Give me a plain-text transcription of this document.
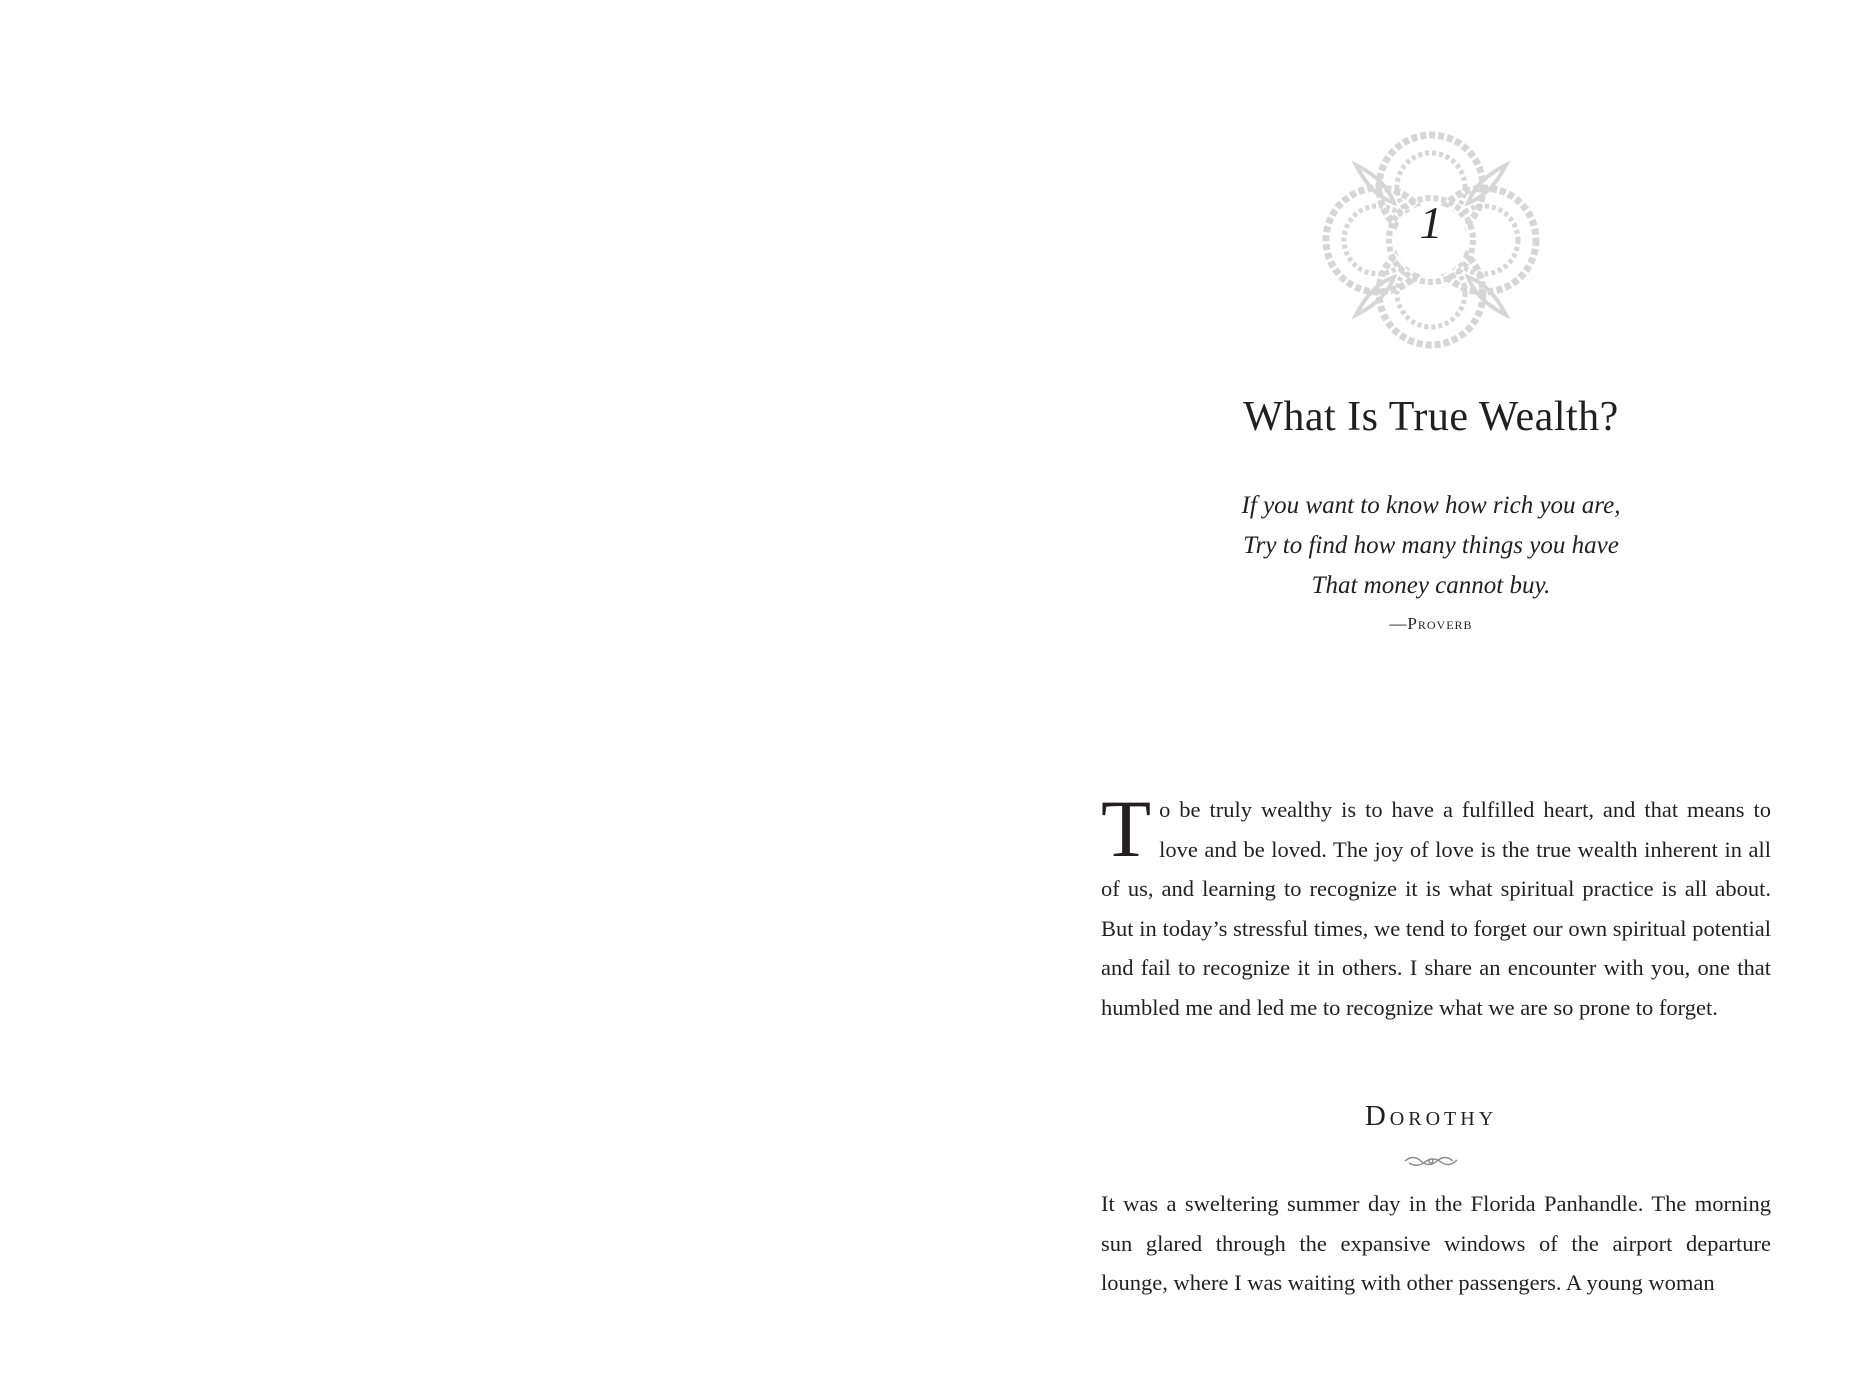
1
What Is True Wealth?
If you want to know how rich you are,
Try to find how many things you have
That money cannot buy.
—Proverb
To be truly wealthy is to have a fulfilled heart, and that means to love and be loved. The joy of love is the true wealth inherent in all of us, and learning to recognize it is what spiritual practice is all about. But in today’s stressful times, we tend to forget our own spiritual potential and fail to recognize it in others. I share an encounter with you, one that humbled me and led me to recognize what we are so prone to forget.
Dorothy
It was a sweltering summer day in the Florida Panhandle. The morning sun glared through the expansive windows of the airport departure lounge, where I was waiting with other passengers. A young woman
